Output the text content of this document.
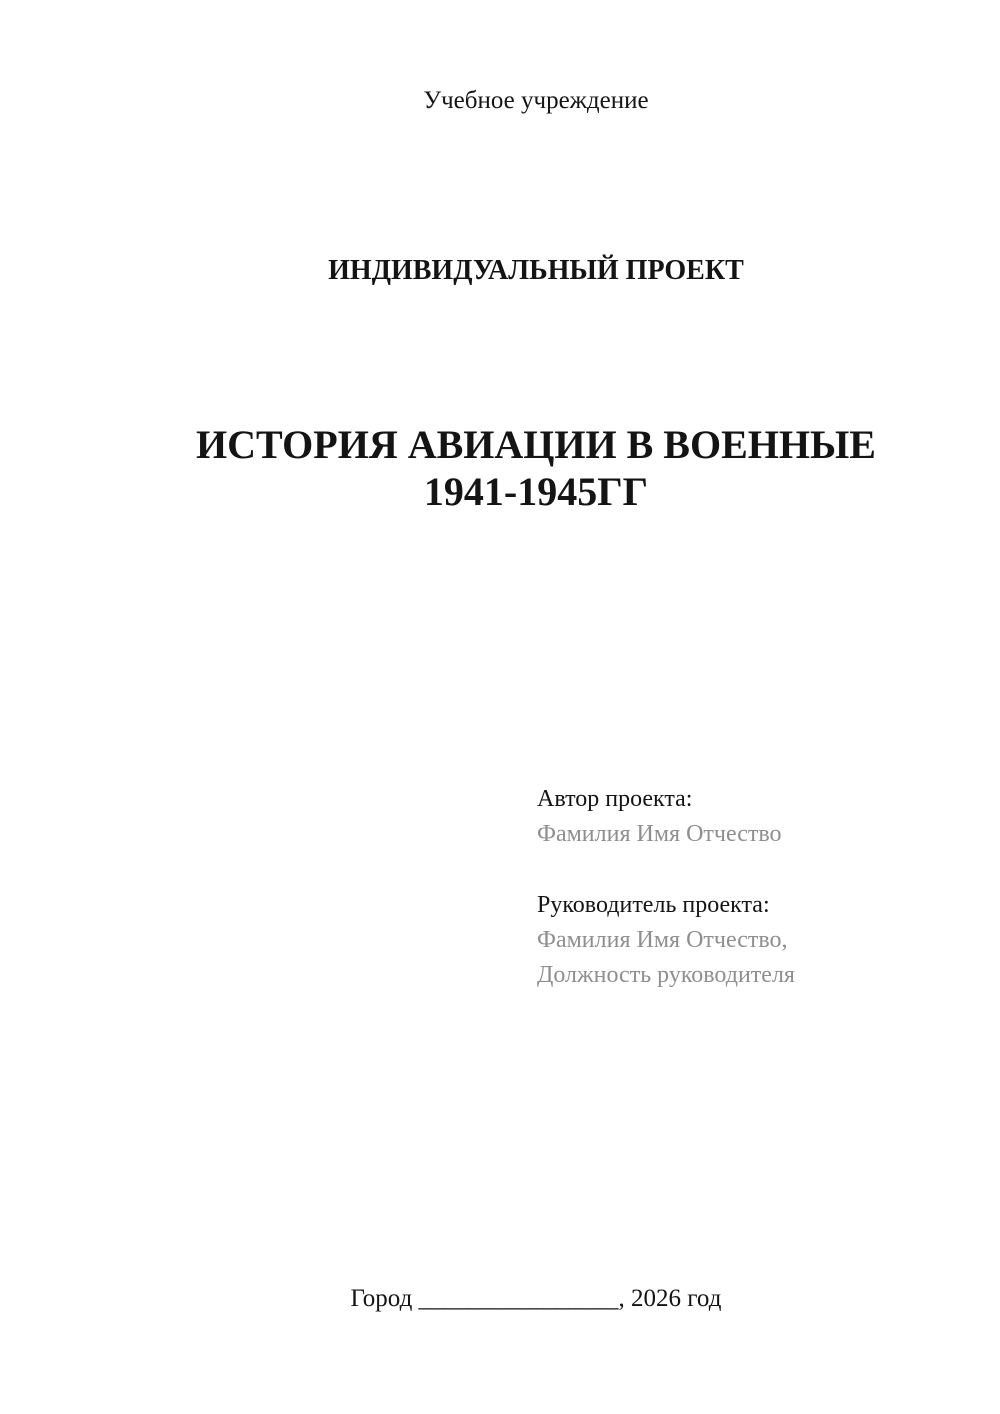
Учебное учреждение
ИНДИВИДУАЛЬНЫЙ ПРОЕКТ
ИСТОРИЯ АВИАЦИИ В ВОЕННЫЕ
1941-1945ГГ
Автор проекта:
Фамилия Имя Отчество
Руководитель проекта:
Фамилия Имя Отчество,
Должность руководителя
Город ________________, 2026 год
